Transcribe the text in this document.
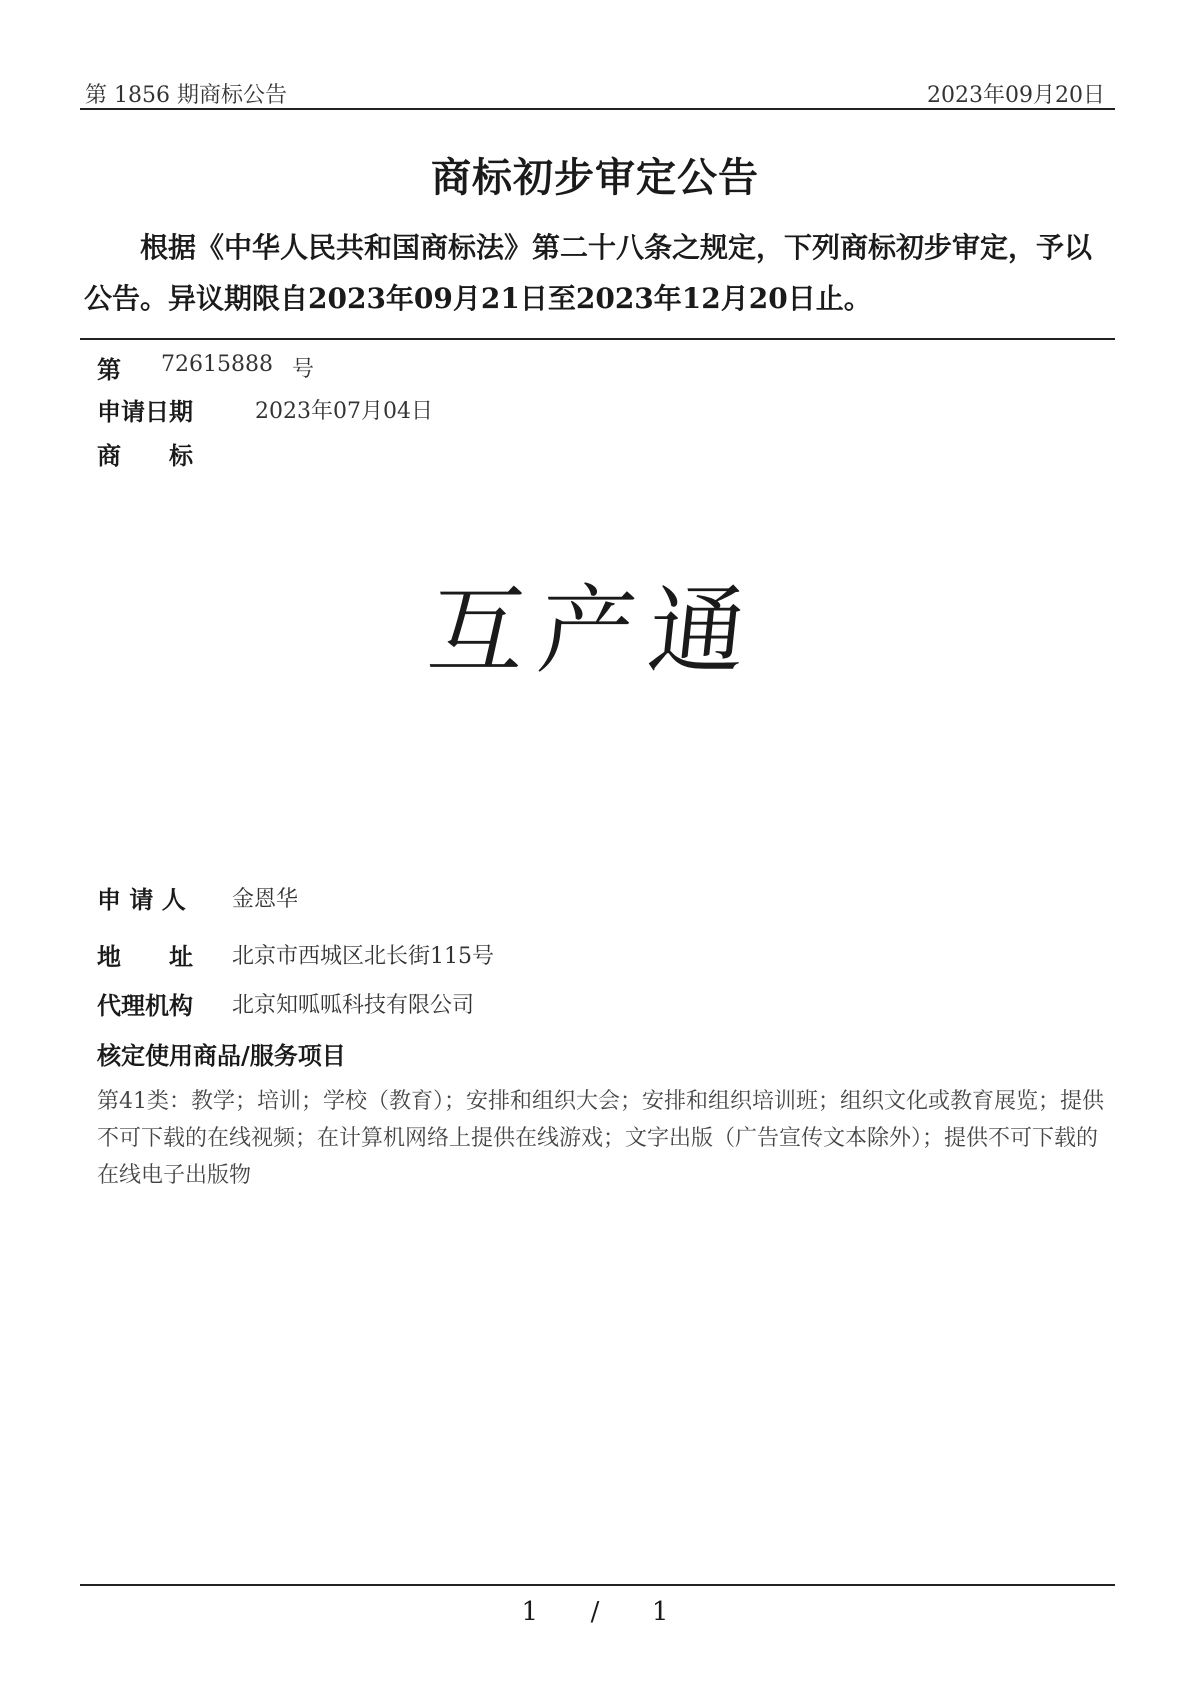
第 1856 期商标公告	2023年09月20日
商标初步审定公告
根据《中华人民共和国商标法》第二十八条之规定，下列商标初步审定，予以公告。异议期限自2023年09月21日至2023年12月20日止。
第 72615888 号
申请日期	2023年07月04日
商　　标
互产通
申 请 人 金恩华
地　　址 北京市西城区北长街115号
代理机构 北京知呱呱科技有限公司
核定使用商品/服务项目
第41类：教学；培训；学校（教育）；安排和组织大会；安排和组织培训班；组织文化或教育展览；提供不可下载的在线视频；在计算机网络上提供在线游戏；文字出版（广告宣传文本除外）；提供不可下载的在线电子出版物
1 / 1
